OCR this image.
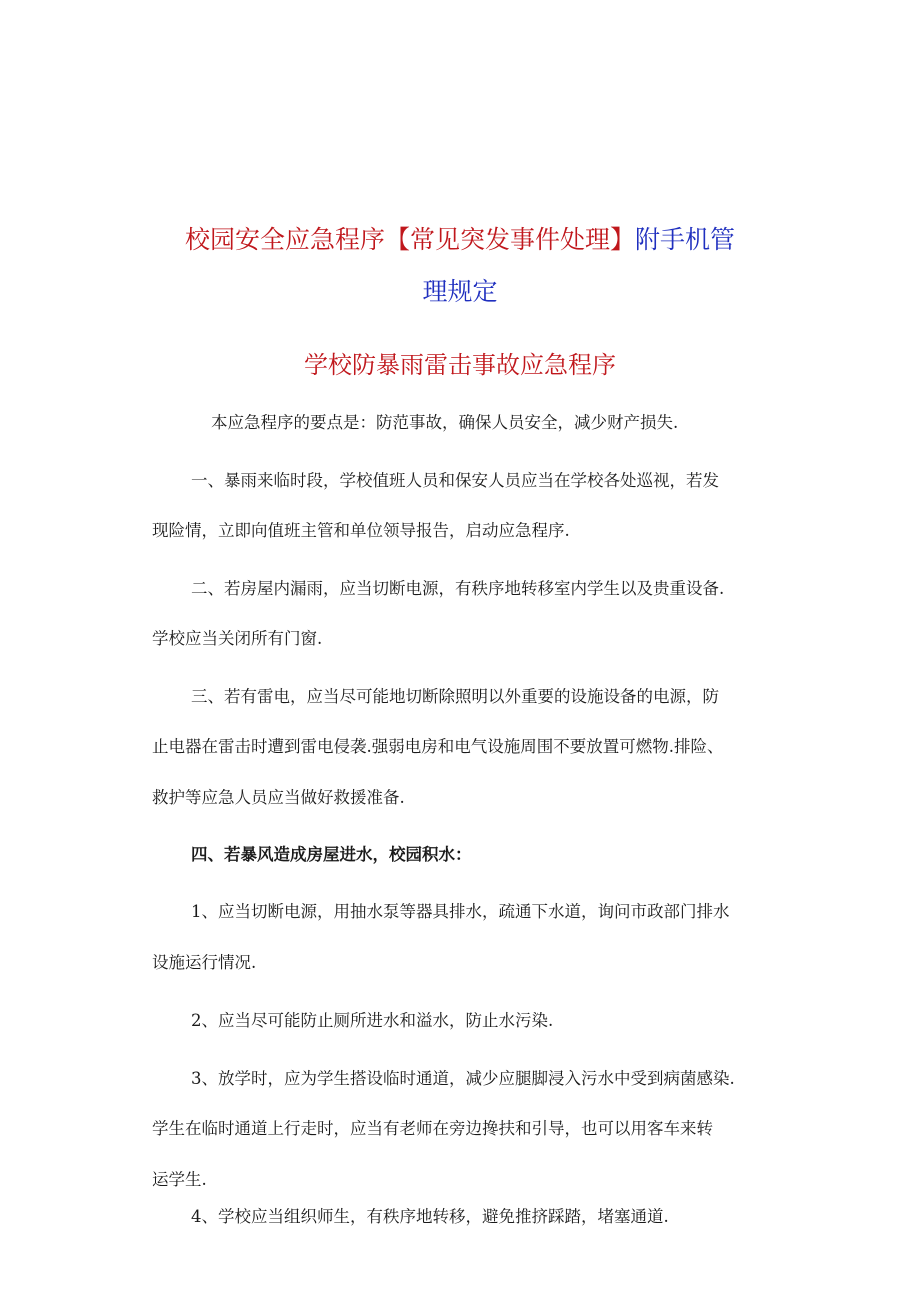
校园安全应急程序【常见突发事件处理】附手机管
理规定
学校防暴雨雷击事故应急程序
本应急程序的要点是：防范事故，确保人员安全，减少财产损失.
一、暴雨来临时段，学校值班人员和保安人员应当在学校各处巡视，若发
现险情，立即向值班主管和单位领导报告，启动应急程序.
二、若房屋内漏雨，应当切断电源，有秩序地转移室内学生以及贵重设备.
学校应当关闭所有门窗.
三、若有雷电，应当尽可能地切断除照明以外重要的设施设备的电源，防
止电器在雷击时遭到雷电侵袭.强弱电房和电气设施周围不要放置可燃物.排险、
救护等应急人员应当做好救援准备.
四、若暴风造成房屋进水，校园积水：
1、应当切断电源，用抽水泵等器具排水，疏通下水道，询问市政部门排水
设施运行情况.
2、应当尽可能防止厕所进水和溢水，防止水污染.
3、放学时，应为学生搭设临时通道，减少应腿脚浸入污水中受到病菌感染.
学生在临时通道上行走时，应当有老师在旁边搀扶和引导，也可以用客车来转
运学生.
4、学校应当组织师生，有秩序地转移，避免推挤踩踏，堵塞通道.
